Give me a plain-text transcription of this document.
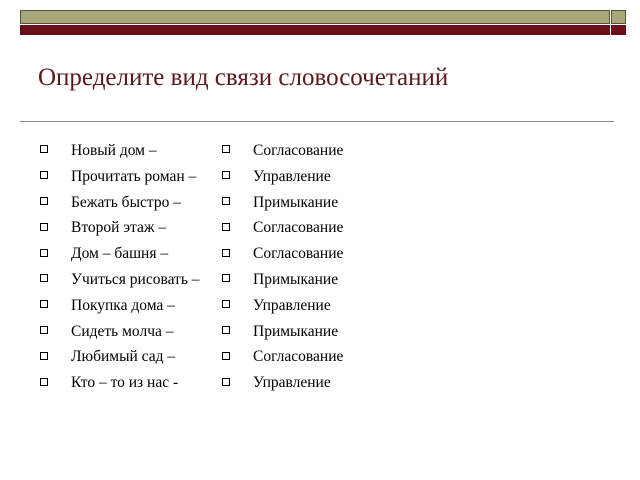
Определите вид связи словосочетаний
Новый дом –
Прочитать роман –
Бежать быстро –
Второй этаж –
Дом – башня –
Учиться рисовать –
Покупка дома –
Сидеть молча –
Любимый сад –
Кто – то из нас -
Согласование
Управление
Примыкание
Согласование
Согласование
Примыкание
Управление
Примыкание
Согласование
Управление
